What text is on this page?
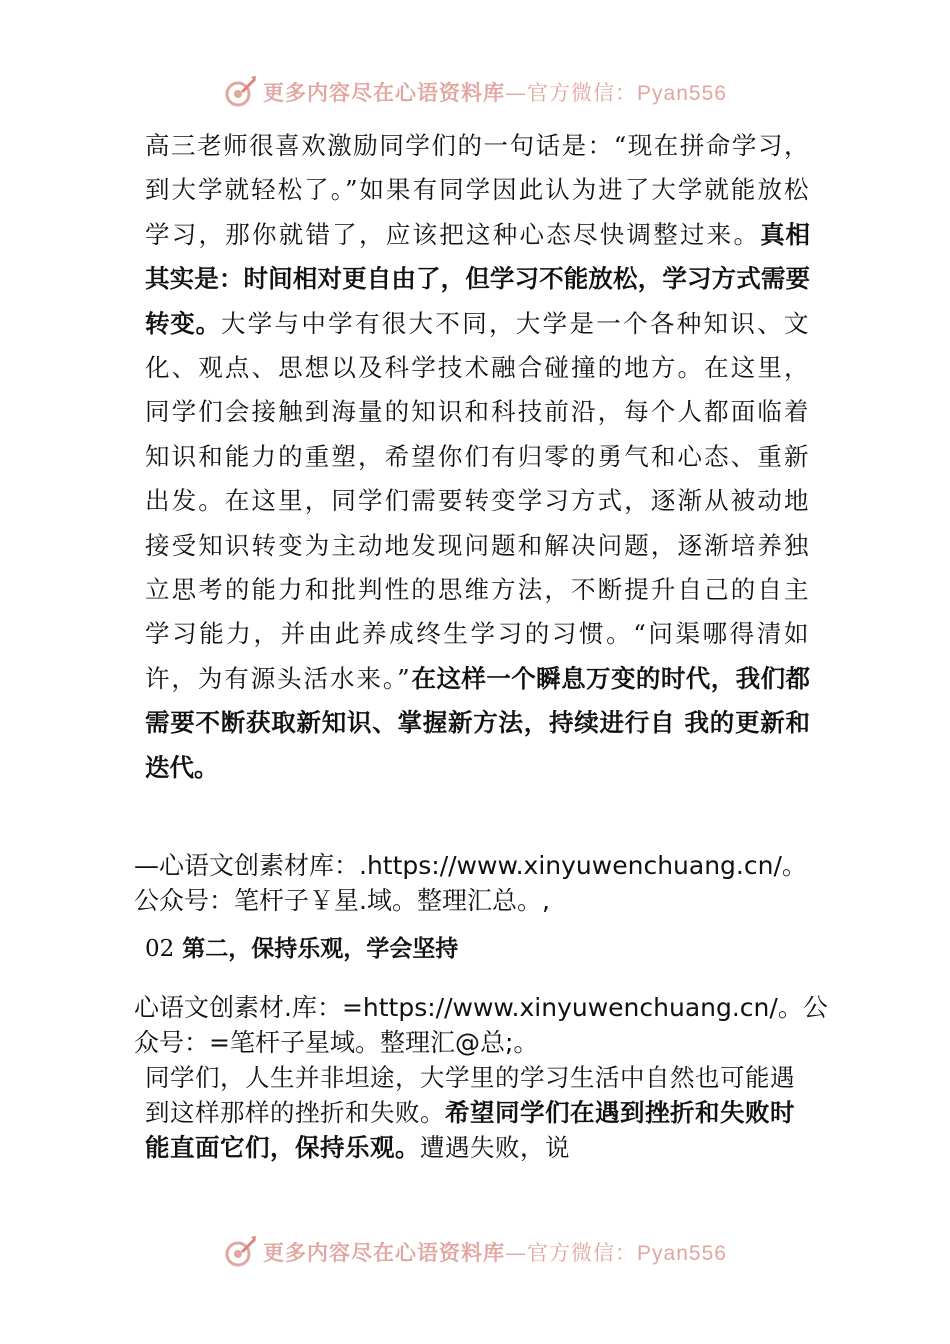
更多内容尽在心语资料库—官方微信：Pyan556
高三老师很喜欢激励同学们的一句话是：“现在拼命学习，到大学就轻松了。”如果有同学因此认为进了大学就能放松学习，那你就错了，应该把这种心态尽快调整过来。真相其实是：时间相对更自由了，但学习不能放松，学习方式需要转变。大学与中学有很大不同，大学是一个各种知识、文化、观点、思想以及科学技术融合碰撞的地方。在这里，同学们会接触到海量的知识和科技前沿，每个人都面临着知识和能力的重塑，希望你们有归零的勇气和心态、重新出发。在这里，同学们需要转变学习方式，逐渐从被动地接受知识转变为主动地发现问题和解决问题，逐渐培养独立思考的能力和批判性的思维方法，不断提升自己的自主学习能力，并由此养成终生学习的习惯。“问渠哪得清如许，为有源头活水来。”在这样一个瞬息万变的时代，我们都需要不断获取新知识、掌握新方法，持续进行自 我的更新和迭代。
—心语文创素材库：.https://www.xinyuwenchuang.cn/。
公众号：笔杆子￥星.域。整理汇总。,
02 第二，保持乐观，学会坚持
心语文创素材.库：=https://www.xinyuwenchuang.cn/。公
众号：=笔杆子星域。整理汇@总;。
同学们，人生并非坦途，大学里的学习生活中自然也可能遇到这样那样的挫折和失败。希望同学们在遇到挫折和失败时能直面它们，保持乐观。遭遇失败，说
更多内容尽在心语资料库—官方微信：Pyan556
